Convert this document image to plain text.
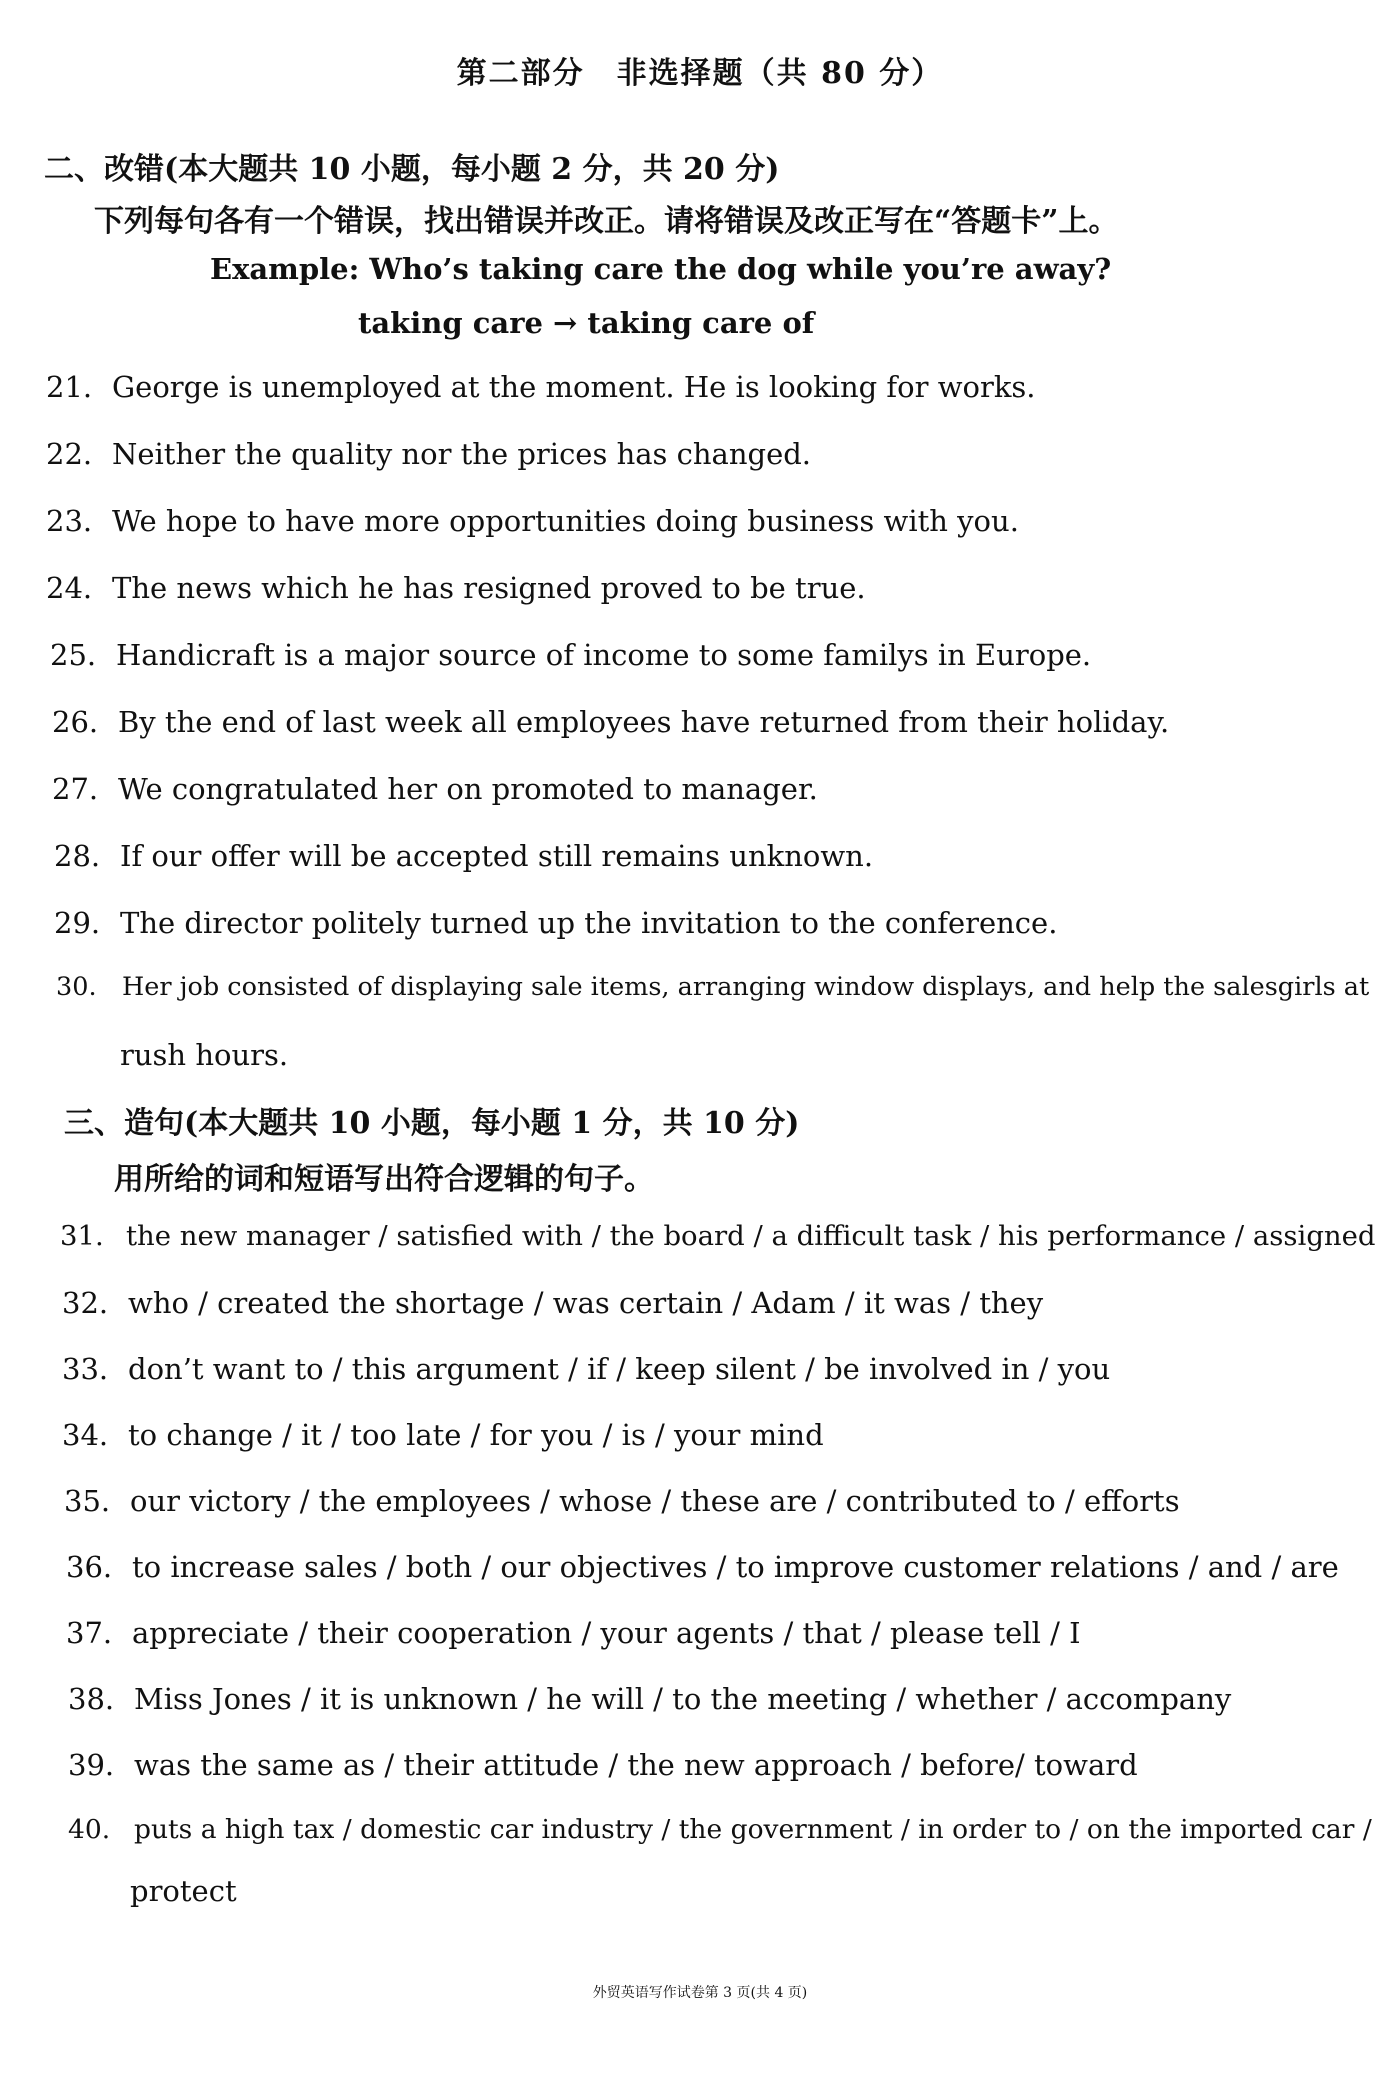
第二部分　非选择题（共 80 分）
二、改错(本大题共 10 小题，每小题 2 分，共 20 分)
下列每句各有一个错误，找出错误并改正。请将错误及改正写在“答题卡”上。
Example: Who’s taking care the dog while you’re away?
taking care → taking care of
21. George is unemployed at the moment. He is looking for works.
22. Neither the quality nor the prices has changed.
23. We hope to have more opportunities doing business with you.
24. The news which he has resigned proved to be true.
25. Handicraft is a major source of income to some familys in Europe.
26. By the end of last week all employees have returned from their holiday.
27. We congratulated her on promoted to manager.
28. If our offer will be accepted still remains unknown.
29. The director politely turned up the invitation to the conference.
30. Her job consisted of displaying sale items, arranging window displays, and help the salesgirls at
rush hours.
三、造句(本大题共 10 小题，每小题 1 分，共 10 分)
用所给的词和短语写出符合逻辑的句子。
31. the new manager / satisfied with / the board / a difficult task / his performance / assigned
32. who / created the shortage / was certain / Adam / it was / they
33. don’t want to / this argument / if / keep silent / be involved in / you
34. to change / it / too late / for you / is / your mind
35. our victory / the employees / whose / these are / contributed to / efforts
36. to increase sales / both / our objectives / to improve customer relations / and / are
37. appreciate / their cooperation / your agents / that / please tell / I
38. Miss Jones / it is unknown / he will / to the meeting / whether / accompany
39. was the same as / their attitude / the new approach / before/ toward
40. puts a high tax / domestic car industry / the government / in order to / on the imported car /
protect
外贸英语写作试卷第 3 页(共 4 页)
